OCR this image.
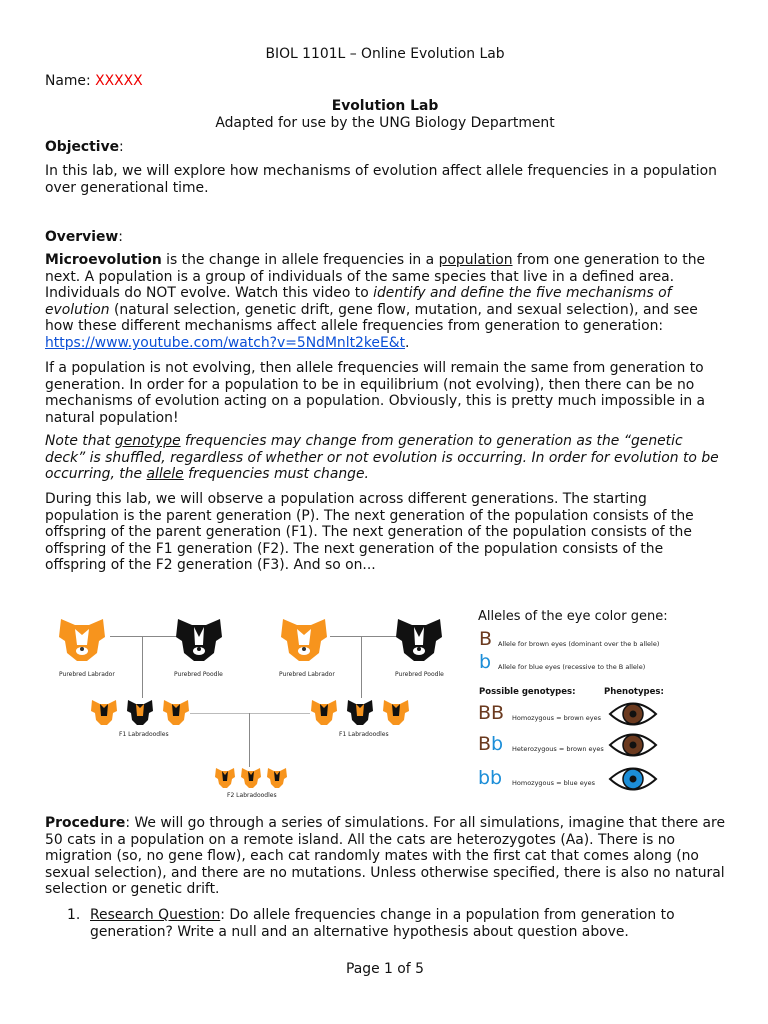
BIOL 1101L – Online Evolution Lab
Name: XXXXX
Evolution Lab
Adapted for use by the UNG Biology Department
Objective:

In this lab, we will explore how mechanisms of evolution affect allele frequencies in a population over generational time.

Overview:

Microevolution is the change in allele frequencies in a population from one generation to the next. A population is a group of individuals of the same species that live in a defined area. Individuals do NOT evolve. Watch this video to identify and define the five mechanisms of evolution (natural selection, genetic drift, gene flow, mutation, and sexual selection), and see how these different mechanisms affect allele frequencies from generation to generation: https://www.youtube.com/watch?v=5NdMnlt2keE&t.

If a population is not evolving, then allele frequencies will remain the same from generation to generation. In order for a population to be in equilibrium (not evolving), then there can be no mechanisms of evolution acting on a population. Obviously, this is pretty much impossible in a natural population!

Note that genotype frequencies may change from generation to generation as the “genetic deck” is shuffled, regardless of whether or not evolution is occurring. In order for evolution to be occurring, the allele frequencies must change.

During this lab, we will observe a population across different generations. The starting population is the parent generation (P). The next generation of the population consists of the offspring of the parent generation (F1). The next generation of the population consists of the offspring of the F1 generation (F2). The next generation of the population consists of the offspring of the F2 generation (F3). And so on...

Procedure: We will go through a series of simulations. For all simulations, imagine that there are 50 cats in a population on a remote island. All the cats are heterozygotes (Aa). There is no migration (so, no gene flow), each cat randomly mates with the first cat that comes along (no sexual selection), and there are no mutations. Unless otherwise specified, there is also no natural selection or genetic drift.
1. Research Question: Do allele frequencies change in a population from generation to generation? Write a null and an alternative hypothesis about question above.
Page 1 of 5
Purebred Labrador	Purebred Poodle	Purebred Labrador	Purebred Poodle
F1 Labradoodles	F1 Labradoodles
F2 Labradoodles
Alleles of the eye color gene:
B Allele for brown eyes (dominant over the b allele)
b Allele for blue eyes (recessive to the B allele)
Possible genotypes:	Phenotypes:
BB Homozygous = brown eyes
Bb Heterozygous = brown eyes
bb Homozygous = blue eyes
